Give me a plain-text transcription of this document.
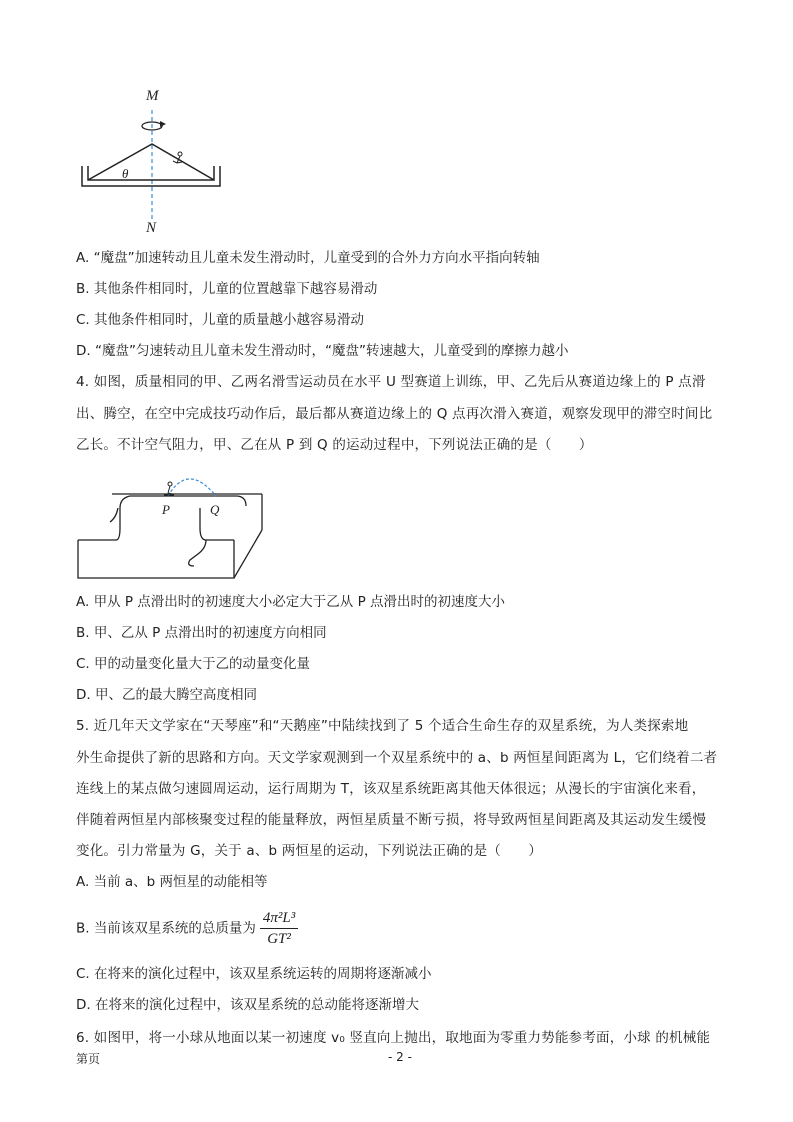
M
θ
N
A. “魔盘”加速转动且儿童未发生滑动时，儿童受到的合外力方向水平指向转轴
B. 其他条件相同时，儿童的位置越靠下越容易滑动
C. 其他条件相同时，儿童的质量越小越容易滑动
D. “魔盘”匀速转动且儿童未发生滑动时，“魔盘”转速越大，儿童受到的摩擦力越小
4. 如图，质量相同的甲、乙两名滑雪运动员在水平 U 型赛道上训练，甲、乙先后从赛道边缘上的 P 点滑
出、腾空，在空中完成技巧动作后，最后都从赛道边缘上的 Q 点再次滑入赛道，观察发现甲的滞空时间比
乙长。不计空气阻力，甲、乙在从 P 到 Q 的运动过程中，下列说法正确的是（　　）
P	Q
A. 甲从 P 点滑出时的初速度大小必定大于乙从 P 点滑出时的初速度大小
B. 甲、乙从 P 点滑出时的初速度方向相同
C. 甲的动量变化量大于乙的动量变化量
D. 甲、乙的最大腾空高度相同
5. 近几年天文学家在“天琴座”和“天鹅座”中陆续找到了 5 个适合生命生存的双星系统，为人类探索地
外生命提供了新的思路和方向。天文学家观测到一个双星系统中的 a、b 两恒星间距离为 L，它们绕着二者
连线上的某点做匀速圆周运动，运行周期为 T，该双星系统距离其他天体很远；从漫长的宇宙演化来看，
伴随着两恒星内部核聚变过程的能量释放，两恒星质量不断亏损，将导致两恒星间距离及其运动发生缓慢
变化。引力常量为 G，关于 a、b 两恒星的运动，下列说法正确的是（　　）
A. 当前 a、b 两恒星的动能相等
B. 当前该双星系统的总质量为 $\frac{\text{4π²L³}}{\text{GT²}}$
C. 在将来的演化过程中，该双星系统运转的周期将逐渐减小
D. 在将来的演化过程中，该双星系统的总动能将逐渐增大
6. 如图甲，将一小球从地面以某一初速度 v₀ 竖直向上抛出，取地面为零重力势能参考面，小球 的机械能
第页	- 2 -
